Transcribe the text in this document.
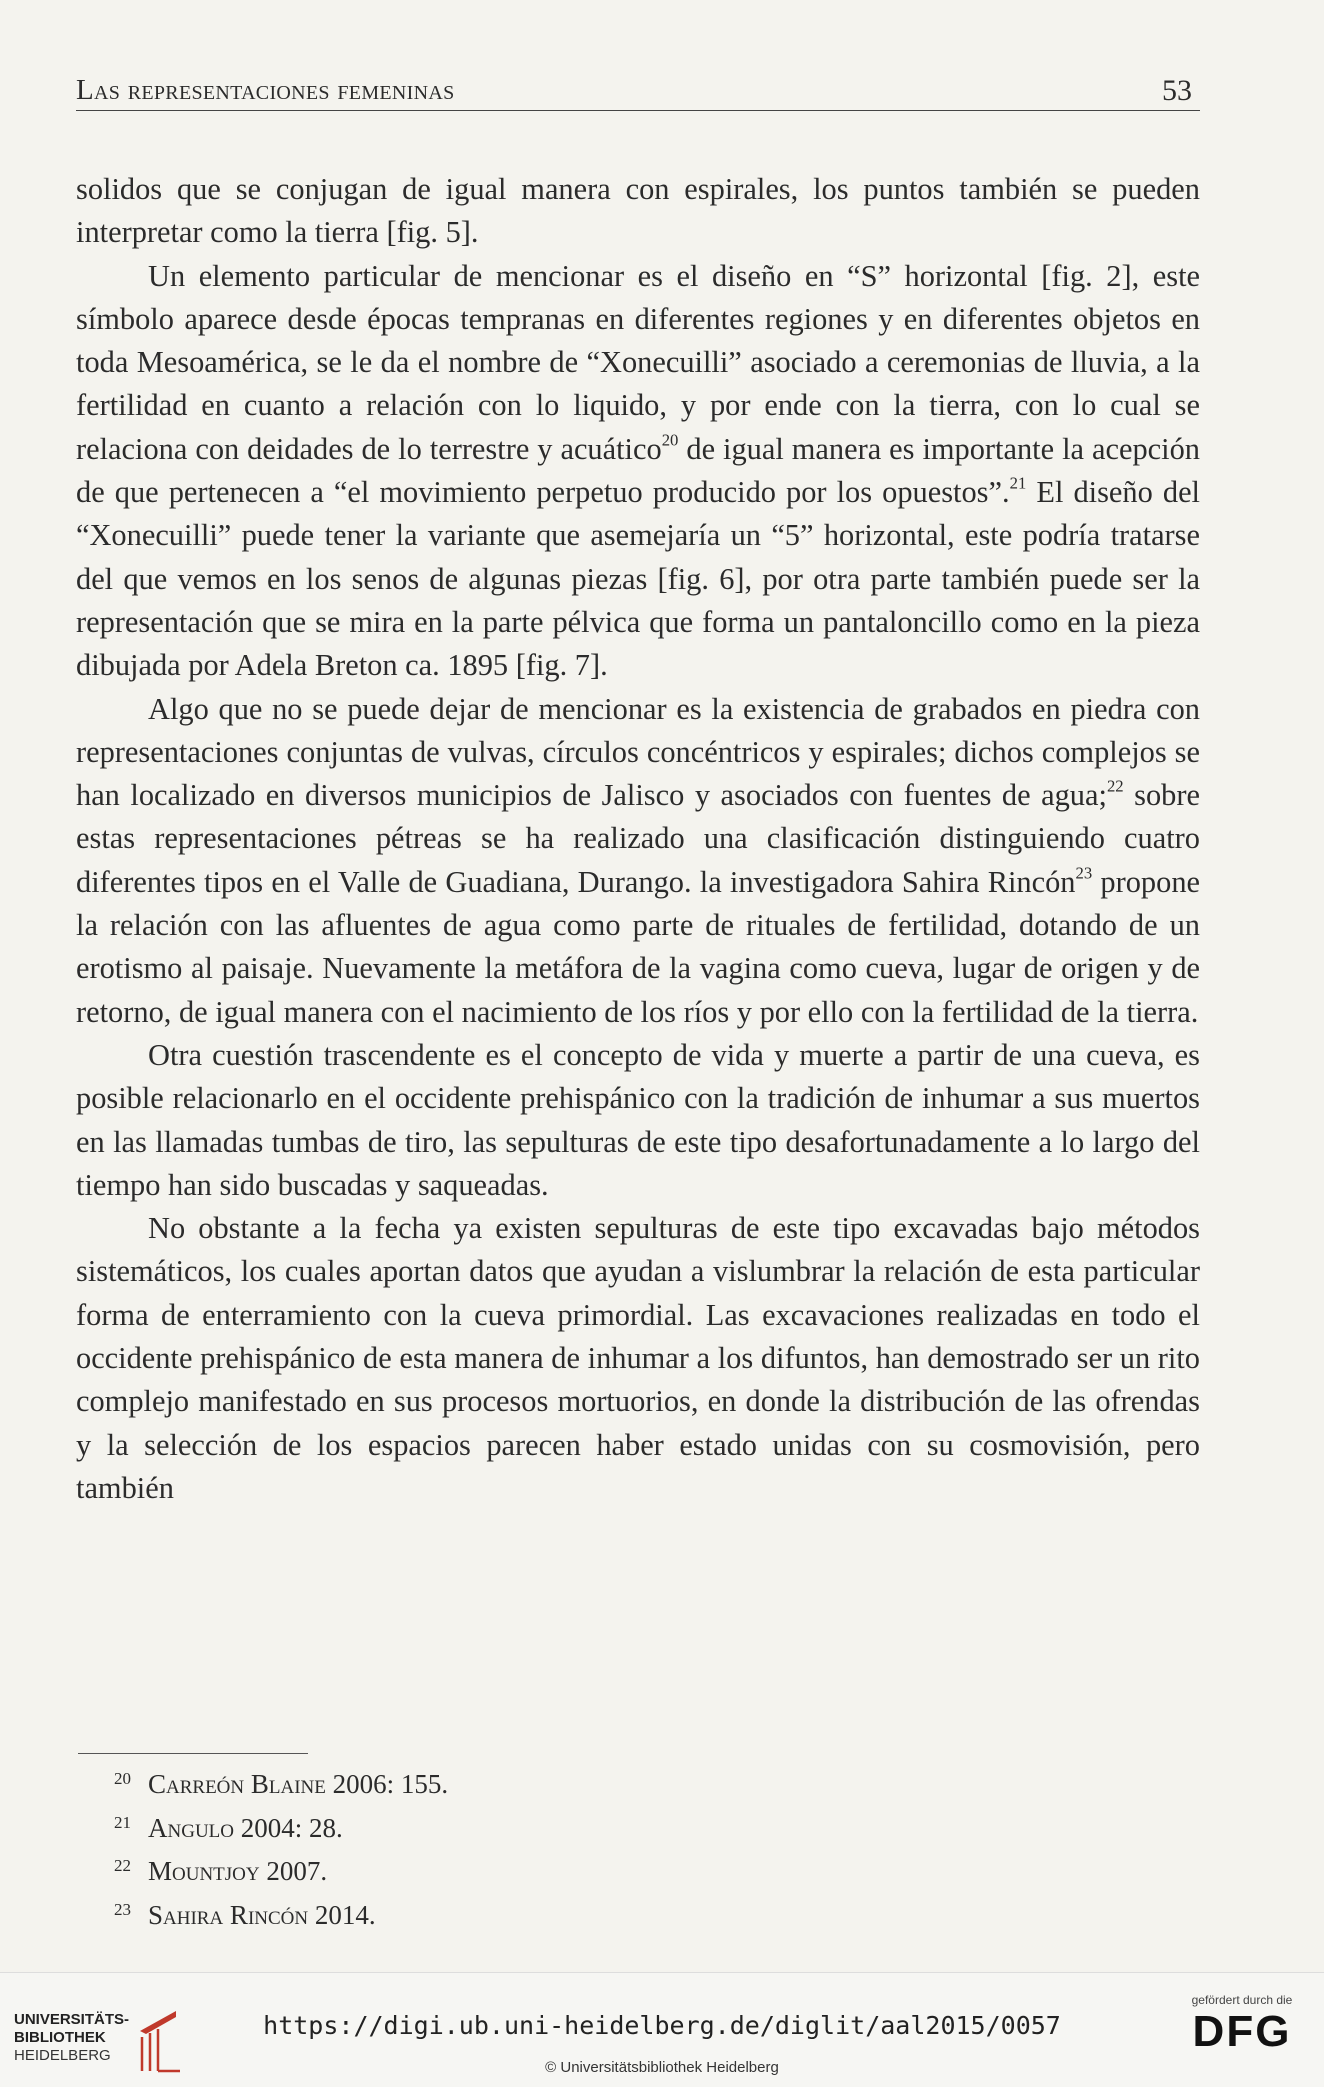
Las representaciones femeninas	53

solidos que se conjugan de igual manera con espirales, los puntos también se pueden interpretar como la tierra [fig. 5].

Un elemento particular de mencionar es el diseño en “S” horizontal [fig. 2], este símbolo aparece desde épocas tempranas en diferentes regiones y en diferentes objetos en toda Mesoamérica, se le da el nombre de “Xonecuilli” asociado a ceremonias de lluvia, a la fertilidad en cuanto a relación con lo liquido, y por ende con la tierra, con lo cual se relaciona con deidades de lo terrestre y acuático$^{20}$ de igual manera es importante la acepción de que pertenecen a “el movimiento perpetuo producido por los opuestos”.$^{21}$ El diseño del “Xonecuilli” puede tener la variante que asemejaría un “5” horizontal, este podría tratarse del que vemos en los senos de algunas piezas [fig. 6], por otra parte también puede ser la representación que se mira en la parte pélvica que forma un pantaloncillo como en la pieza dibujada por Adela Breton ca. 1895 [fig. 7].

Algo que no se puede dejar de mencionar es la existencia de grabados en piedra con representaciones conjuntas de vulvas, círculos concéntricos y espirales; dichos complejos se han localizado en diversos municipios de Jalisco y asociados con fuentes de agua;$^{22}$ sobre estas representaciones pétreas se ha realizado una clasificación distinguiendo cuatro diferentes tipos en el Valle de Guadiana, Durango. la investigadora Sahira Rincón$^{23}$ propone la relación con las afluentes de agua como parte de rituales de fertilidad, dotando de un erotismo al paisaje. Nuevamente la metáfora de la vagina como cueva, lugar de origen y de retorno, de igual manera con el nacimiento de los ríos y por ello con la fertilidad de la tierra.

Otra cuestión trascendente es el concepto de vida y muerte a partir de una cueva, es posible relacionarlo en el occidente prehispánico con la tradición de inhumar a sus muertos en las llamadas tumbas de tiro, las sepulturas de este tipo desafortunadamente a lo largo del tiempo han sido buscadas y saqueadas.

No obstante a la fecha ya existen sepulturas de este tipo excavadas bajo métodos sistemáticos, los cuales aportan datos que ayudan a vislumbrar la relación de esta particular forma de enterramiento con la cueva primordial. Las excavaciones realizadas en todo el occidente prehispánico de esta manera de inhumar a los difuntos, han demostrado ser un rito complejo manifestado en sus procesos mortuorios, en donde la distribución de las ofrendas y la selección de los espacios parecen haber estado unidas con su cosmovisión, pero también

20 Carreón Blaine 2006: 155.
21 Angulo 2004: 28.
22 Mountjoy 2007.
23 Sahira Rincón 2014.
UNIVERSITÄTS-
BIBLIOTHEK
HEIDELBERG
https://digi.ub.uni-heidelberg.de/diglit/aal2015/0057
© Universitätsbibliothek Heidelberg
gefördert durch die
DFG
